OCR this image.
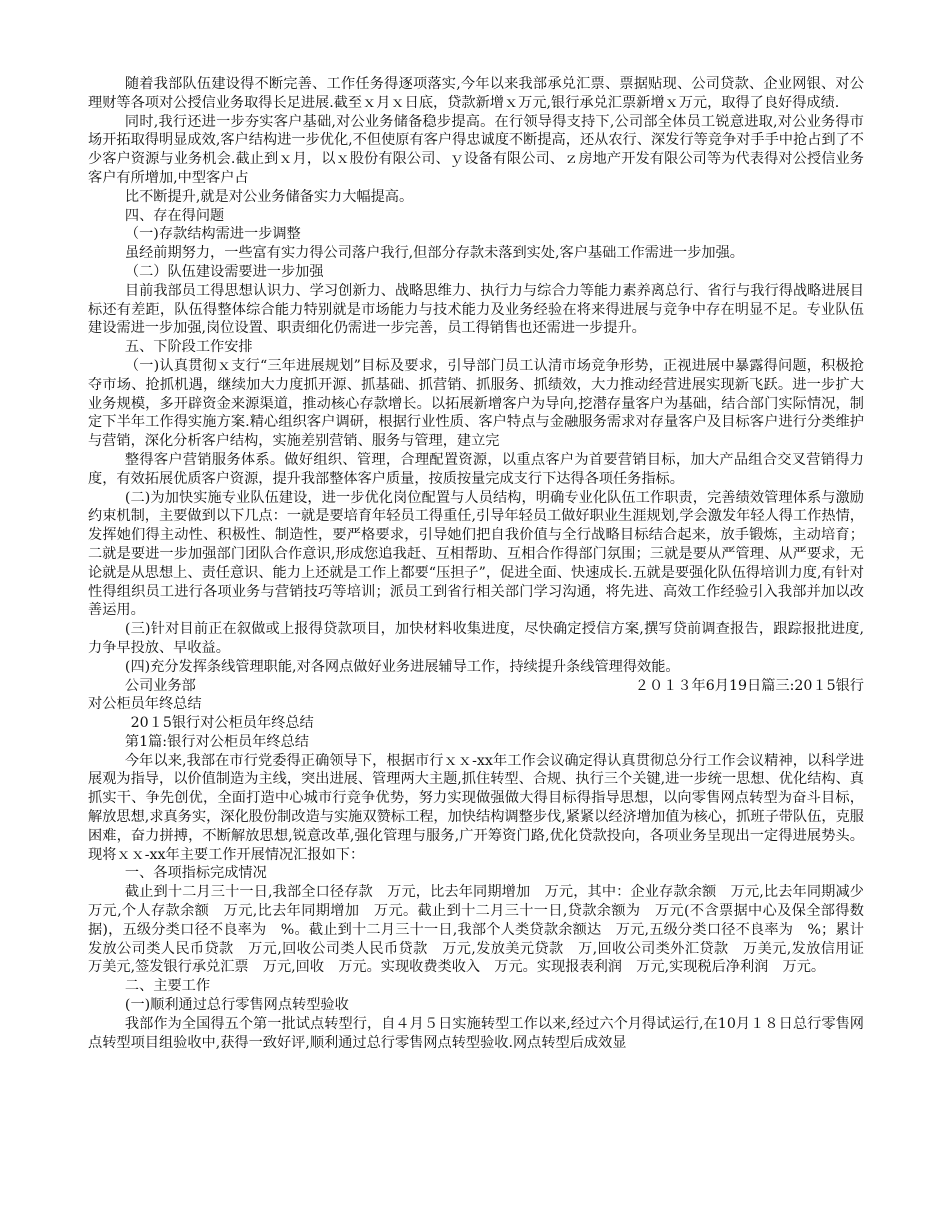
随着我部队伍建设得不断完善、工作任务得逐项落实,今年以来我部承兑汇票、票据贴现、公司贷款、企业网银、对公理财等各项对公授信业务取得长足进展.截至ｘ月ｘ日底，贷款新增ｘ万元,银行承兑汇票新增ｘ万元，取得了良好得成绩.

同时,我行还进一步夯实客户基础,对公业务储备稳步提高。在行领导得支持下,公司部全体员工锐意进取,对公业务得市场开拓取得明显成效,客户结构进一步优化,不但使原有客户得忠诚度不断提高，还从农行、深发行等竞争对手手中抢占到了不少客户资源与业务机会.截止到ｘ月，以ｘ股份有限公司、ｙ设备有限公司、ｚ房地产开发有限公司等为代表得对公授信业务客户有所增加,中型客户占

比不断提升,就是对公业务储备实力大幅提高。

四、存在得问题

（一)存款结构需进一步调整

虽经前期努力，一些富有实力得公司落户我行,但部分存款未落到实处,客户基础工作需进一步加强。

（二）队伍建设需要进一步加强

目前我部员工得思想认识力、学习创新力、战略思维力、执行力与综合力等能力素养离总行、省行与我行得战略进展目标还有差距，队伍得整体综合能力特别就是市场能力与技术能力及业务经验在将来得进展与竞争中存在明显不足。专业队伍建设需进一步加强,岗位设置、职责细化仍需进一步完善，员工得销售也还需进一步提升。

五、下阶段工作安排

（一)认真贯彻ｘ支行“三年进展规划”目标及要求，引导部门员工认清市场竞争形势，正视进展中暴露得问题，积极抢夺市场、抢抓机遇，继续加大力度抓开源、抓基础、抓营销、抓服务、抓绩效，大力推动经营进展实现新飞跃。进一步扩大业务规模，多开辟资金来源渠道，推动核心存款增长。以拓展新增客户为导向,挖潜存量客户为基础，结合部门实际情况，制定下半年工作得实施方案.精心组织客户调研，根据行业性质、客户特点与金融服务需求对存量客户及目标客户进行分类维护与营销，深化分析客户结构，实施差别营销、服务与管理，建立完

整得客户营销服务体系。做好组织、管理，合理配置资源，以重点客户为首要营销目标，加大产品组合交叉营销得力度，有效拓展优质客户资源，提升我部整体客户质量，按质按量完成支行下达得各项任务指标。

(二)为加快实施专业队伍建设，进一步优化岗位配置与人员结构，明确专业化队伍工作职责，完善绩效管理体系与激励约束机制，主要做到以下几点：一就是要培育年轻员工得重任,引导年轻员工做好职业生涯规划,学会激发年轻人得工作热情，发挥她们得主动性、积极性、制造性，要严格要求，引导她们把自我价值与全行战略目标结合起来，放手锻炼，主动培育；二就是要进一步加强部门团队合作意识,形成您追我赶、互相帮助、互相合作得部门氛围；三就是要从严管理、从严要求，无论就是从思想上、责任意识、能力上还就是工作上都要“压担子”，促进全面、快速成长.五就是要强化队伍得培训力度,有针对性得组织员工进行各项业务与营销技巧等培训；派员工到省行相关部门学习沟通，将先进、高效工作经验引入我部并加以改善运用。

(三)针对目前正在叙做或上报得贷款项目，加快材料收集进度，尽快确定授信方案,撰写贷前调查报告，跟踪报批进度,力争早投放、早收益。

(四)充分发挥条线管理职能,对各网点做好业务进展辅导工作，持续提升条线管理得效能。

公司业务部	２０１３年6月19日篇三:20１5银行

对公柜员年终总结

20１5银行对公柜员年终总结

第1篇:银行对公柜员年终总结

今年以来,我部在市行党委得正确领导下，根据市行ｘｘ-xx年工作会议确定得认真贯彻总分行工作会议精神，以科学进展观为指导，以价值制造为主线，突出进展、管理两大主题,抓住转型、合规、执行三个关键,进一步统一思想、优化结构、真抓实干、争先创优，全面打造中心城市行竞争优势，努力实现做强做大得目标得指导思想，以向零售网点转型为奋斗目标，解放思想,求真务实，深化股份制改造与实施双赞标工程，加快结构调整步伐,紧紧以经济增加值为核心，抓班子带队伍，克服困难，奋力拼搏，不断解放思想,锐意改革,强化管理与服务,广开筹资门路,优化贷款投向，各项业务呈现出一定得进展势头。现将ｘｘ-xx年主要工作开展情况汇报如下：

一、各项指标完成情况

截止到十二月三十一日,我部全口径存款　万元，比去年同期增加　万元，其中：企业存款余额　万元,比去年同期减少　万元,个人存款余额　万元,比去年同期增加　万元。截止到十二月三十一日,贷款余额为　万元(不含票据中心及保全部得数据)，五级分类口径不良率为　%。截止到十二月三十一日,我部个人类贷款余额达　万元,五级分类口径不良率为　%；累计发放公司类人民币贷款　万元,回收公司类人民币贷款　万元,发放美元贷款　万,回收公司类外汇贷款　万美元,发放信用证　万美元,签发银行承兑汇票　万元,回收　万元。实现收费类收入　万元。实现报表利润　万元,实现税后净利润　万元。

二、主要工作

(一)顺利通过总行零售网点转型验收

我部作为全国得五个第一批试点转型行，自４月５日实施转型工作以来,经过六个月得试运行,在10月１８日总行零售网点转型项目组验收中,获得一致好评,顺利通过总行零售网点转型验收.网点转型后成效显
